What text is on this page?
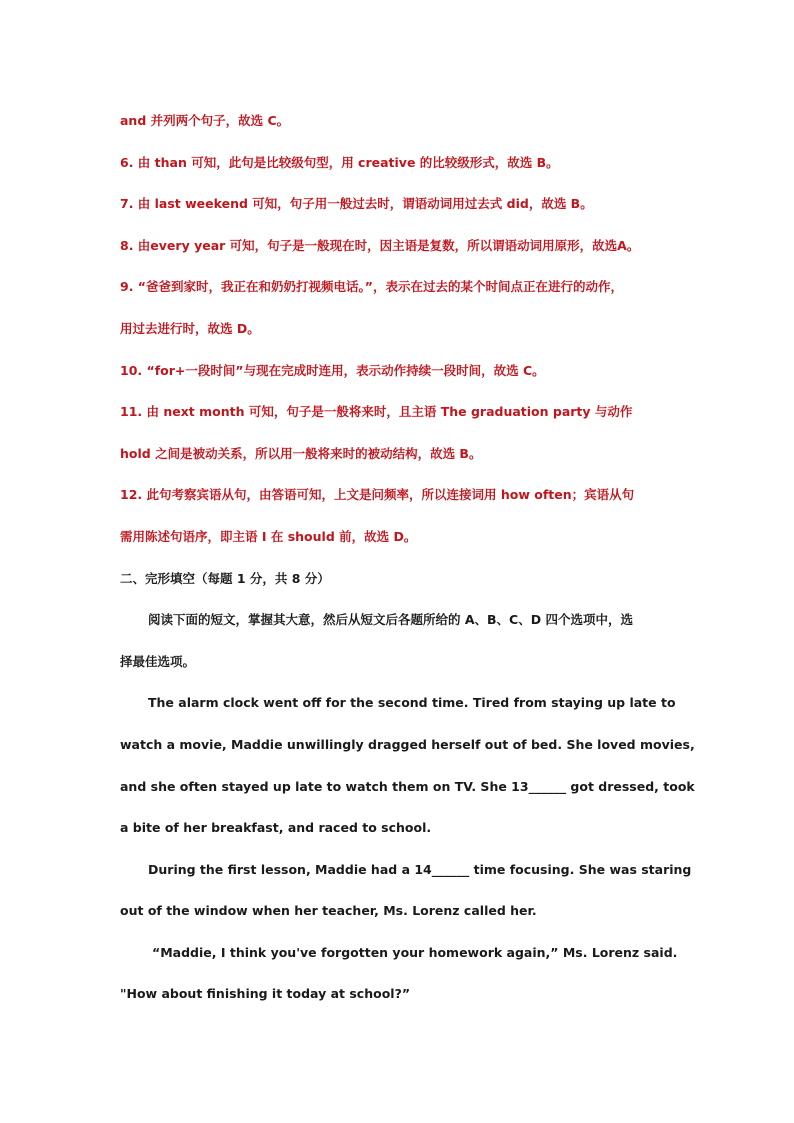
and 并列两个句子，故选 C。
6. 由 than 可知，此句是比较级句型，用 creative 的比较级形式，故选 B。
7. 由 last weekend 可知，句子用一般过去时，谓语动词用过去式 did，故选 B。
8. 由every year 可知，句子是一般现在时，因主语是复数，所以谓语动词用原形，故选A。
9. “爸爸到家时，我正在和奶奶打视频电话。”，表示在过去的某个时间点正在进行的动作，
用过去进行时，故选 D。
10. “for+一段时间”与现在完成时连用，表示动作持续一段时间，故选 C。
11. 由 next month 可知，句子是一般将来时，且主语 The graduation party 与动作
hold 之间是被动关系，所以用一般将来时的被动结构，故选 B。
12. 此句考察宾语从句，由答语可知，上文是问频率，所以连接词用 how often；宾语从句
需用陈述句语序，即主语 I 在 should 前，故选 D。
二、完形填空（每题 1 分，共 8 分）
阅读下面的短文，掌握其大意，然后从短文后各题所给的 A、B、C、D 四个选项中，选
择最佳选项。
The alarm clock went off for the second time. Tired from staying up late to
watch a movie, Maddie unwillingly dragged herself out of bed. She loved movies,
and she often stayed up late to watch them on TV. She 13______ got dressed, took
a bite of her breakfast, and raced to school.
During the first lesson, Maddie had a 14______ time focusing. She was staring
out of the window when her teacher, Ms. Lorenz called her.
“Maddie, I think you've forgotten your homework again,” Ms. Lorenz said.
"How about finishing it today at school?”
